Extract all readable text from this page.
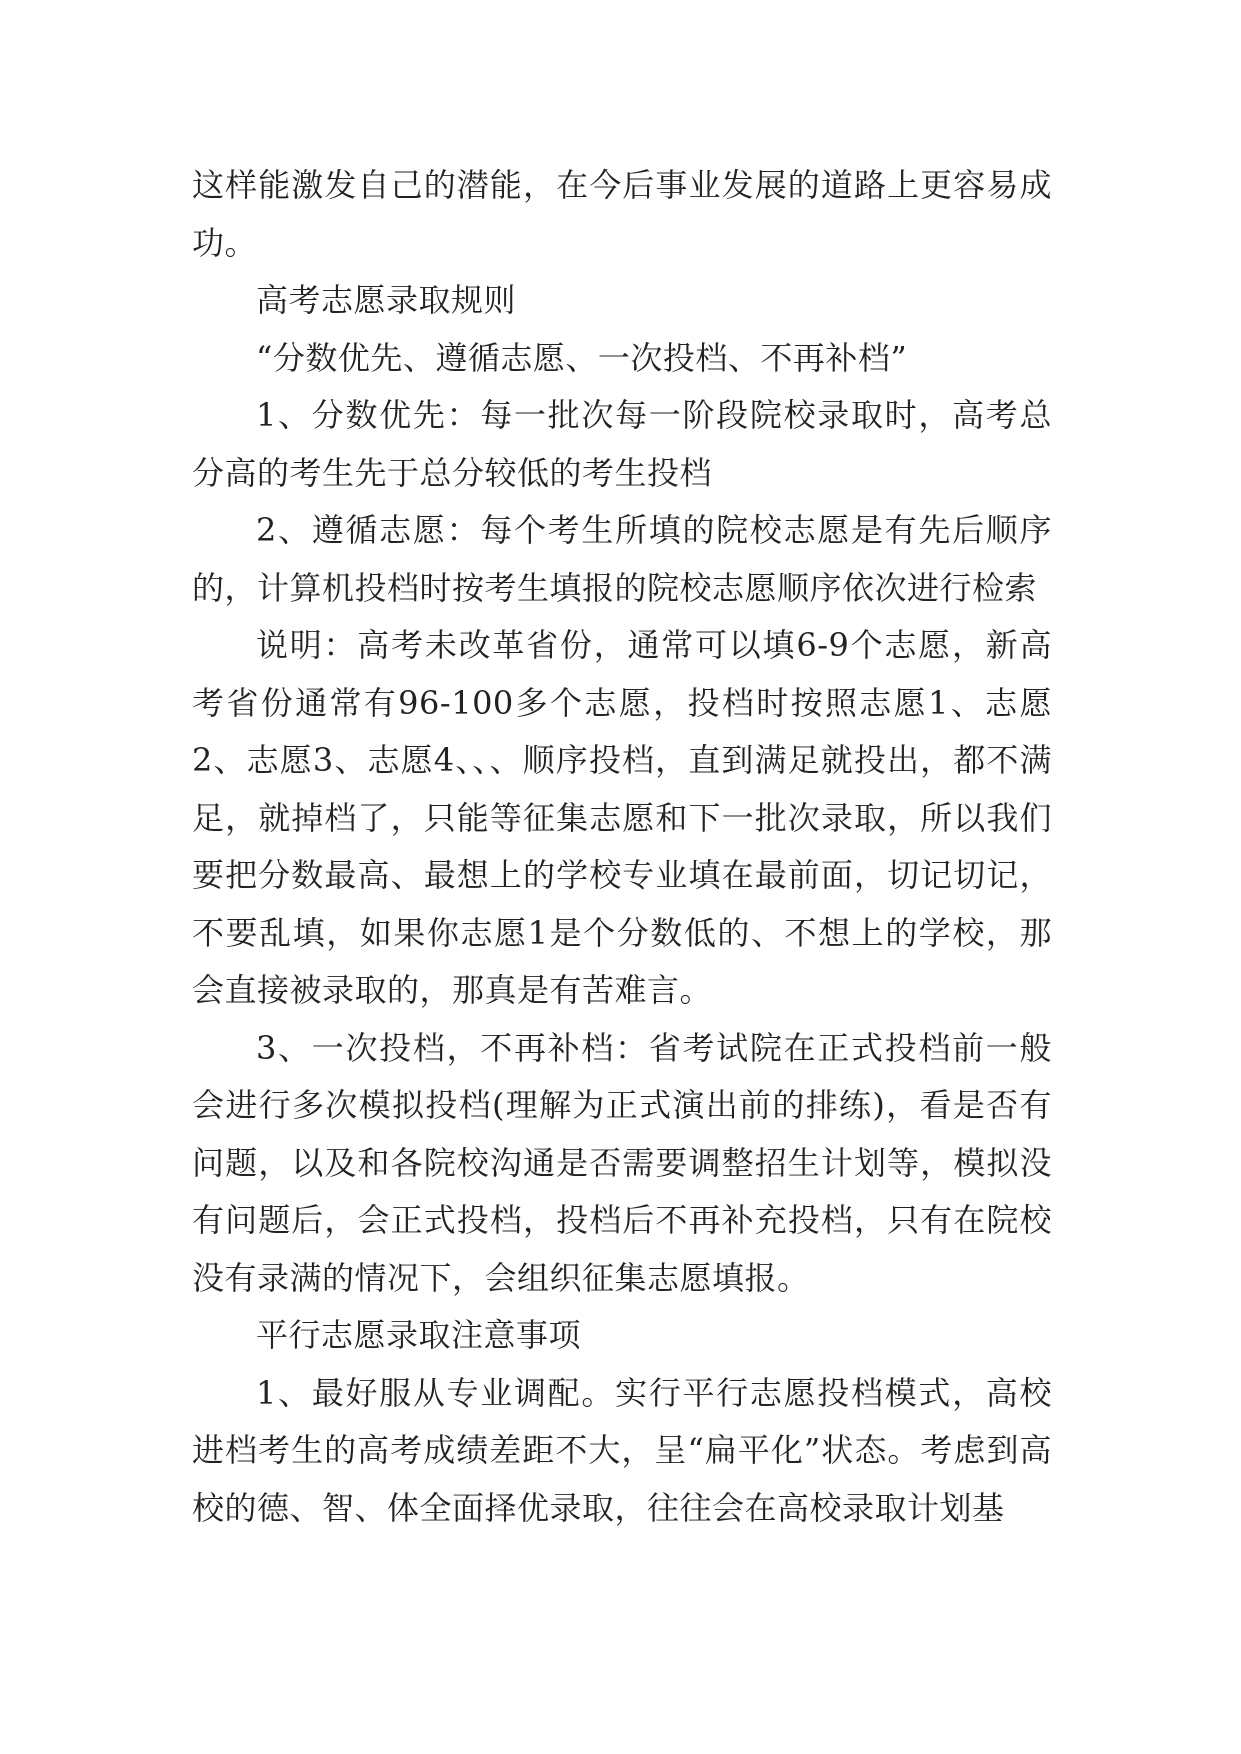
这样能激发自己的潜能，在今后事业发展的道路上更容易成功。

高考志愿录取规则

“分数优先、遵循志愿、一次投档、不再补档”

1、分数优先：每一批次每一阶段院校录取时，高考总分高的考生先于总分较低的考生投档

2、遵循志愿：每个考生所填的院校志愿是有先后顺序的，计算机投档时按考生填报的院校志愿顺序依次进行检索

说明：高考未改革省份，通常可以填6-9个志愿，新高考省份通常有96-100多个志愿，投档时按照志愿1、志愿2、志愿3、志愿4、、、顺序投档，直到满足就投出，都不满足，就掉档了，只能等征集志愿和下一批次录取，所以我们要把分数最高、最想上的学校专业填在最前面，切记切记，不要乱填，如果你志愿1是个分数低的、不想上的学校，那会直接被录取的，那真是有苦难言。

3、一次投档，不再补档：省考试院在正式投档前一般会进行多次模拟投档(理解为正式演出前的排练)，看是否有问题，以及和各院校沟通是否需要调整招生计划等，模拟没有问题后，会正式投档，投档后不再补充投档，只有在院校没有录满的情况下，会组织征集志愿填报。

平行志愿录取注意事项

1、最好服从专业调配。实行平行志愿投档模式，高校进档考生的高考成绩差距不大，呈“扁平化”状态。考虑到高校的德、智、体全面择优录取，往往会在高校录取计划基
